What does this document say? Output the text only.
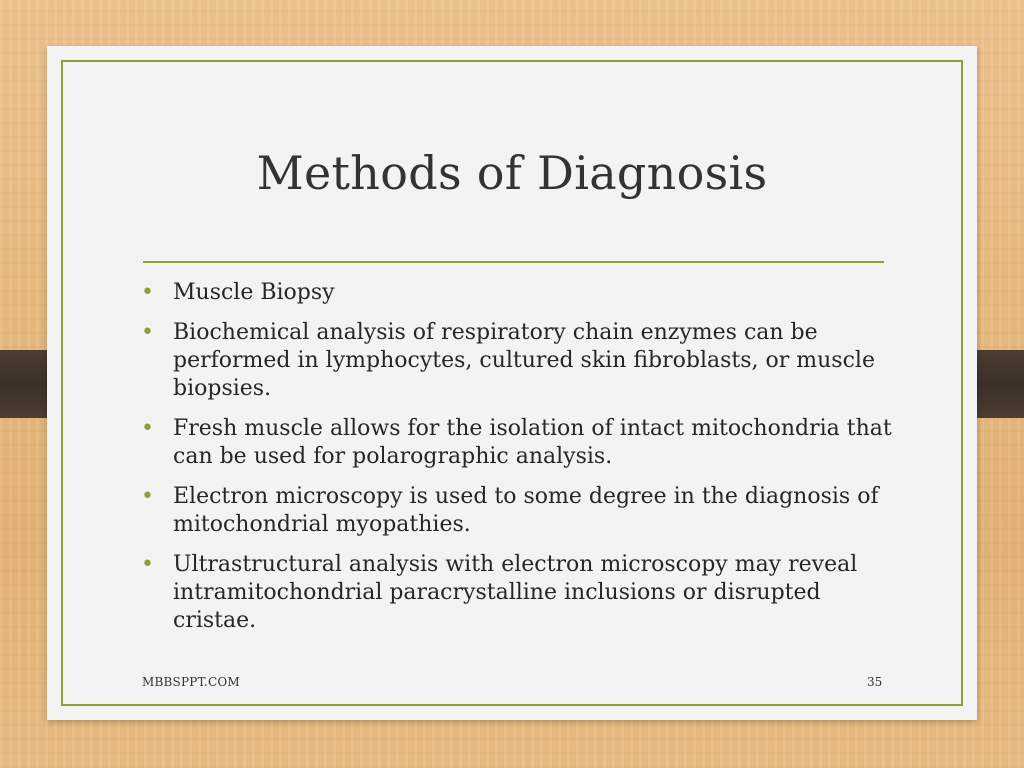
Methods of Diagnosis
• Muscle Biopsy
• Biochemical analysis of respiratory chain enzymes can be performed in lymphocytes, cultured skin fibroblasts, or muscle biopsies.
• Fresh muscle allows for the isolation of intact mitochondria that can be used for polarographic analysis.
• Electron microscopy is used to some degree in the diagnosis of mitochondrial myopathies.
• Ultrastructural analysis with electron microscopy may reveal intramitochondrial paracrystalline inclusions or disrupted cristae.
MBBSPPT.COM	35
